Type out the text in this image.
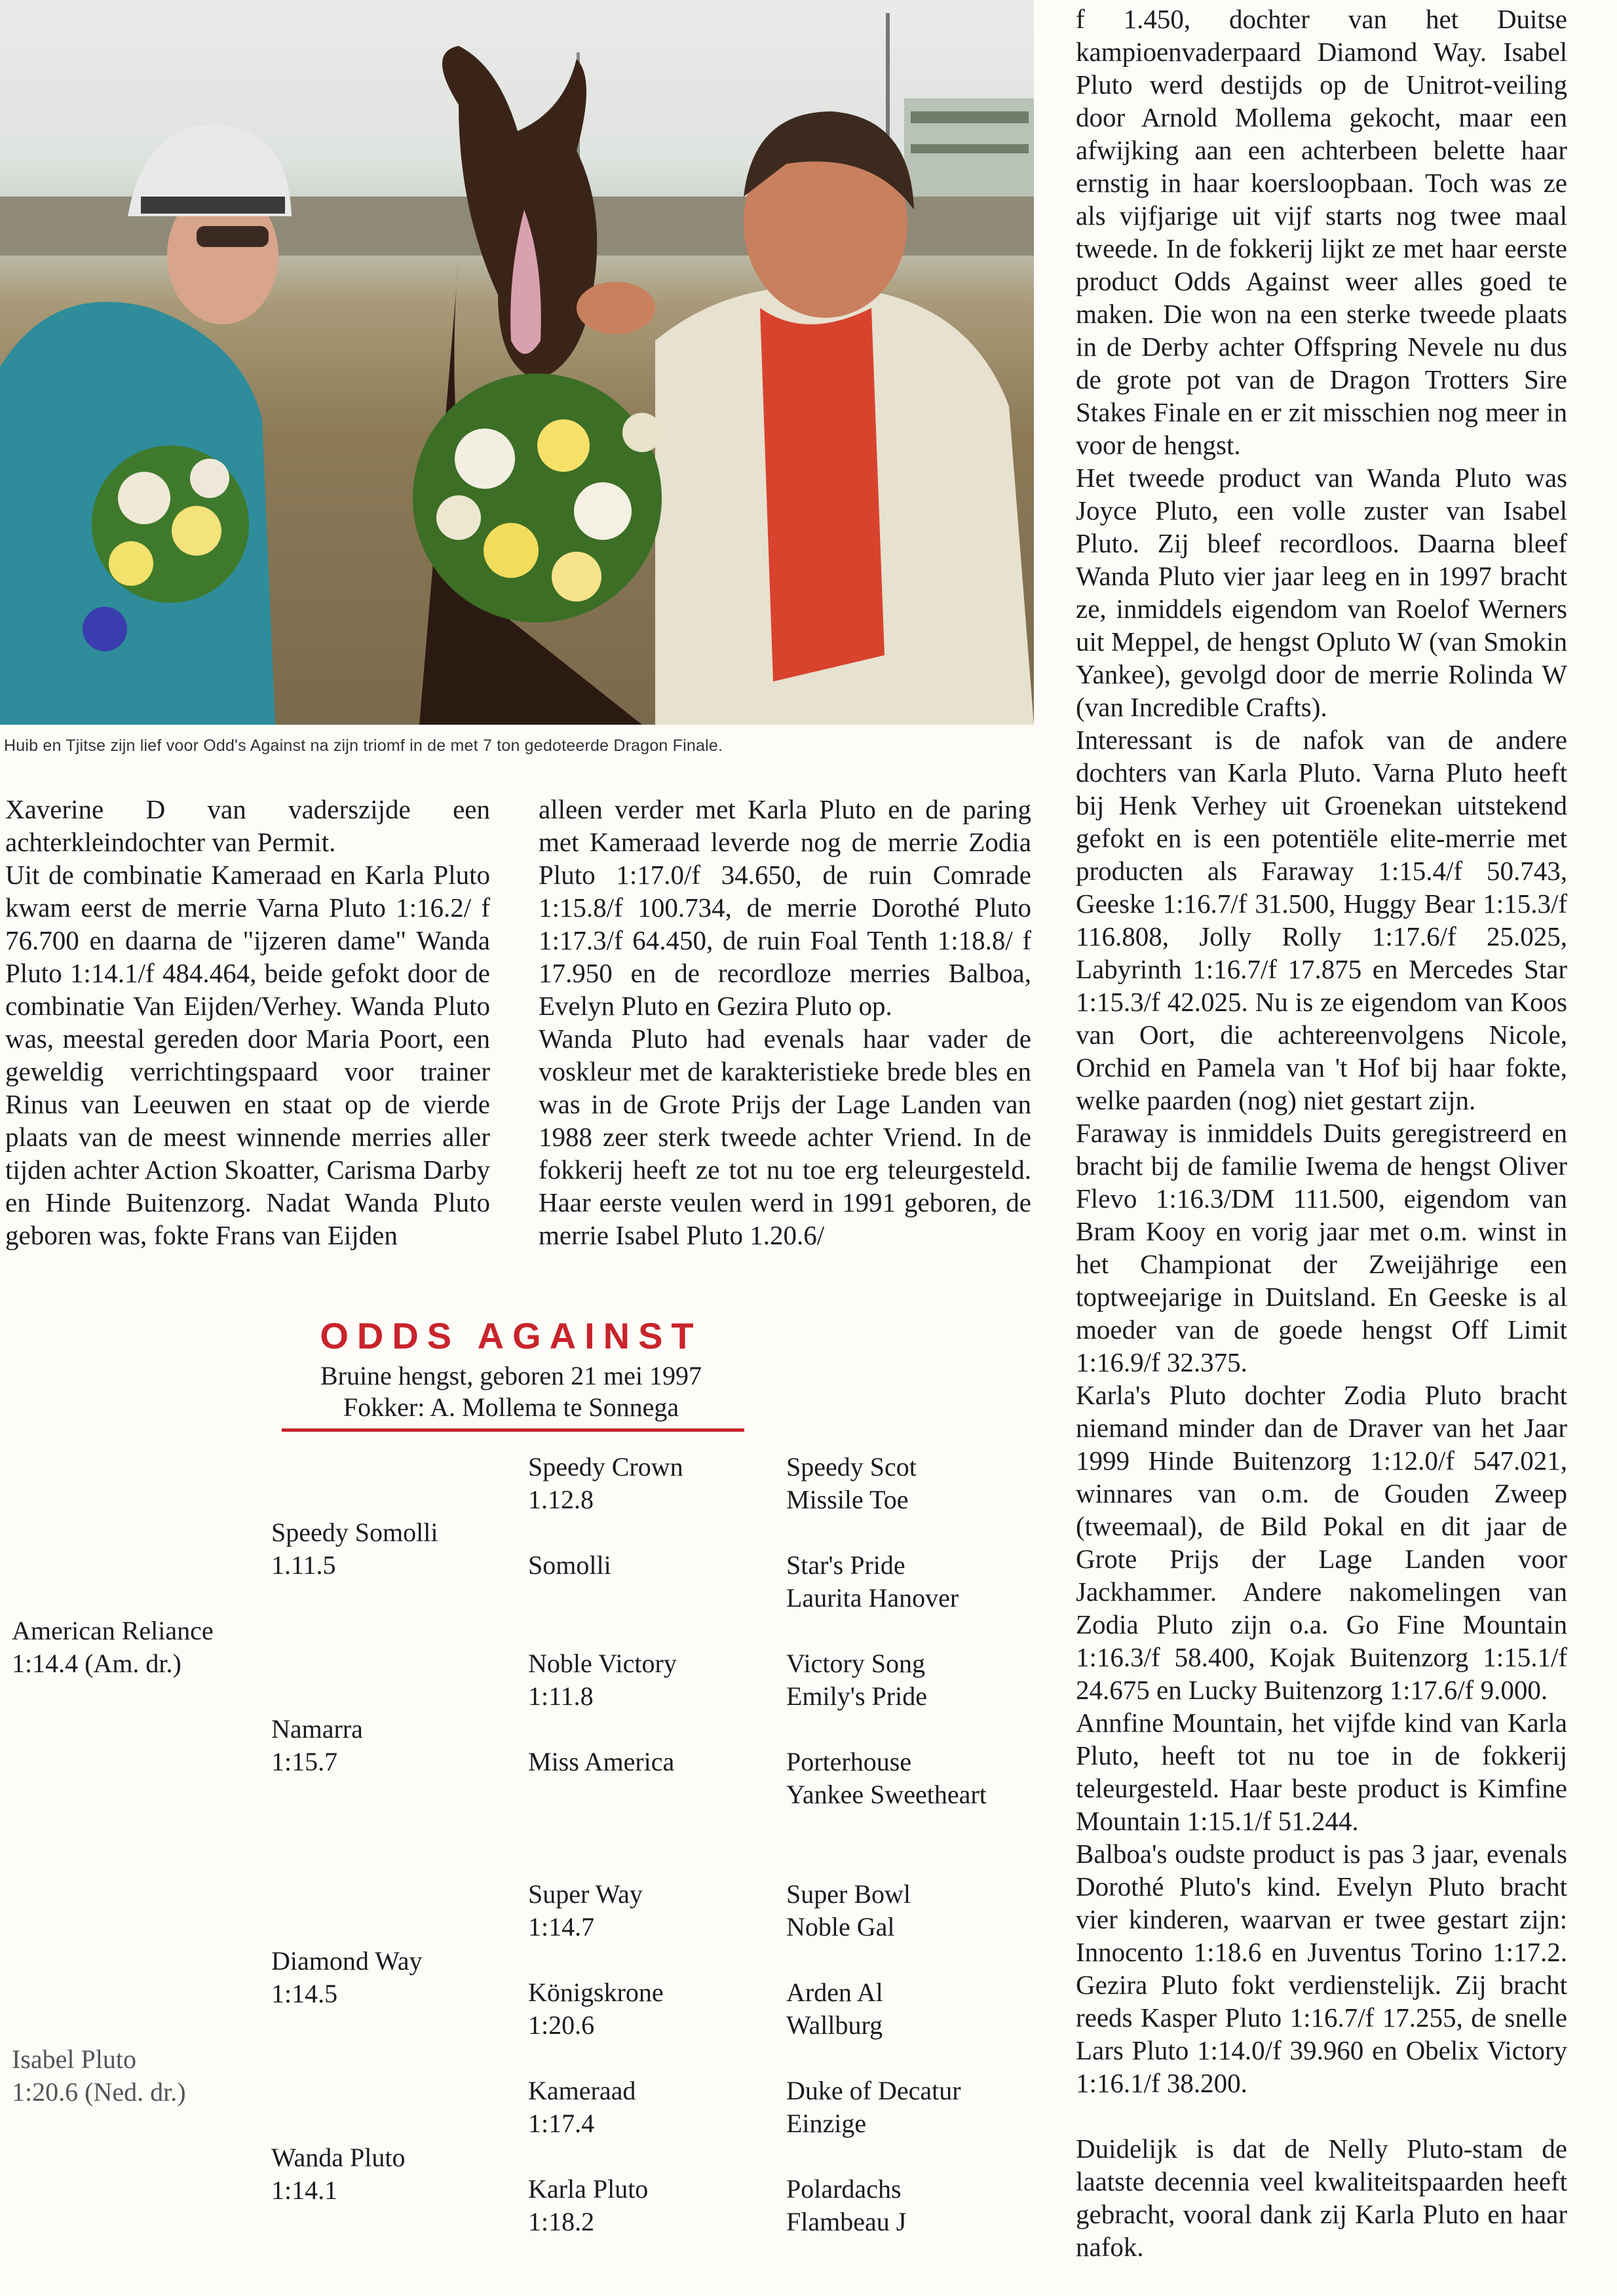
Huib en Tjitse zijn lief voor Odd's Against na zijn triomf in de met 7 ton gedoteerde Dragon Finale.

Xaverine D van vaderszijde een achterkleindochter van Permit.

Uit de combinatie Kameraad en Karla Pluto kwam eerst de merrie Varna Pluto 1:16.2/ f 76.700 en daarna de "ijzeren dame" Wanda Pluto 1:14.1/f 484.464, beide gefokt door de combinatie Van Eijden/Verhey. Wanda Pluto was, meestal gereden door Maria Poort, een geweldig verrichtingspaard voor trainer Rinus van Leeuwen en staat op de vierde plaats van de meest winnende merries aller tijden achter Action Skoatter, Carisma Darby en Hinde Buitenzorg. Nadat Wanda Pluto geboren was, fokte Frans van Eijden

alleen verder met Karla Pluto en de paring met Kameraad leverde nog de merrie Zodia Pluto 1:17.0/f 34.650, de ruin Comrade 1:15.8/f 100.734, de merrie Dorothé Pluto 1:17.3/f 64.450, de ruin Foal Tenth 1:18.8/ f 17.950 en de recordloze merries Balboa, Evelyn Pluto en Gezira Pluto op.

Wanda Pluto had evenals haar vader de voskleur met de karakteristieke brede bles en was in de Grote Prijs der Lage Landen van 1988 zeer sterk tweede achter Vriend. In de fokkerij heeft ze tot nu toe erg teleurgesteld. Haar eerste veulen werd in 1991 geboren, de merrie Isabel Pluto 1.20.6/

f 1.450, dochter van het Duitse kampioenvaderpaard Diamond Way. Isabel Pluto werd destijds op de Unitrot-veiling door Arnold Mollema gekocht, maar een afwijking aan een achterbeen belette haar ernstig in haar koersloopbaan. Toch was ze als vijfjarige uit vijf starts nog twee maal tweede. In de fokkerij lijkt ze met haar eerste product Odds Against weer alles goed te maken. Die won na een sterke tweede plaats in de Derby achter Offspring Nevele nu dus de grote pot van de Dragon Trotters Sire Stakes Finale en er zit misschien nog meer in voor de hengst.

Het tweede product van Wanda Pluto was Joyce Pluto, een volle zuster van Isabel Pluto. Zij bleef recordloos. Daarna bleef Wanda Pluto vier jaar leeg en in 1997 bracht ze, inmiddels eigendom van Roelof Werners uit Meppel, de hengst Opluto W (van Smokin Yankee), gevolgd door de merrie Rolinda W (van Incredible Crafts).

Interessant is de nafok van de andere dochters van Karla Pluto. Varna Pluto heeft bij Henk Verhey uit Groenekan uitstekend gefokt en is een potentiële elite-merrie met producten als Faraway 1:15.4/f 50.743, Geeske 1:16.7/f 31.500, Huggy Bear 1:15.3/f 116.808, Jolly Rolly 1:17.6/f 25.025, Labyrinth 1:16.7/f 17.875 en Mercedes Star 1:15.3/f 42.025. Nu is ze eigendom van Koos van Oort, die achtereenvolgens Nicole, Orchid en Pamela van 't Hof bij haar fokte, welke paarden (nog) niet gestart zijn.

Faraway is inmiddels Duits geregistreerd en bracht bij de familie Iwema de hengst Oliver Flevo 1:16.3/DM 111.500, eigendom van Bram Kooy en vorig jaar met o.m. winst in het Championat der Zweijährige een toptweejarige in Duitsland. En Geeske is al moeder van de goede hengst Off Limit 1:16.9/f 32.375.

Karla's Pluto dochter Zodia Pluto bracht niemand minder dan de Draver van het Jaar 1999 Hinde Buitenzorg 1:12.0/f 547.021, winnares van o.m. de Gouden Zweep (tweemaal), de Bild Pokal en dit jaar de Grote Prijs der Lage Landen voor Jackhammer. Andere nakomelingen van Zodia Pluto zijn o.a. Go Fine Mountain 1:16.3/f 58.400, Kojak Buitenzorg 1:15.1/f 24.675 en Lucky Buitenzorg 1:17.6/f 9.000.

Annfine Mountain, het vijfde kind van Karla Pluto, heeft tot nu toe in de fokkerij teleurgesteld. Haar beste product is Kimfine Mountain 1:15.1/f 51.244.

Balboa's oudste product is pas 3 jaar, evenals Dorothé Pluto's kind. Evelyn Pluto bracht vier kinderen, waarvan er twee gestart zijn: Innocento 1:18.6 en Juventus Torino 1:17.2. Gezira Pluto fokt verdienstelijk. Zij bracht reeds Kasper Pluto 1:16.7/f 17.255, de snelle Lars Pluto 1:14.0/f 39.960 en Obelix Victory 1:16.1/f 38.200.

Duidelijk is dat de Nelly Pluto-stam de laatste decennia veel kwaliteitspaarden heeft gebracht, vooral dank zij Karla Pluto en haar nafok.

ODDS AGAINST
Bruine hengst, geboren 21 mei 1997
Fokker: A. Mollema te Sonnega
American Reliance
1:14.4 (Am. dr.)
Isabel Pluto
1:20.6 (Ned. dr.)
Speedy Somolli
1.11.5
Namarra
1:15.7
Diamond Way
1:14.5
Wanda Pluto
1:14.1
Speedy Crown
1.12.8
Somolli
Noble Victory
1:11.8
Miss America
Super Way
1:14.7
Königskrone
1:20.6
Kameraad
1:17.4
Karla Pluto
1:18.2
Speedy Scot
Missile Toe
Star's Pride
Laurita Hanover
Victory Song
Emily's Pride
Porterhouse
Yankee Sweetheart
Super Bowl
Noble Gal
Arden Al
Wallburg
Duke of Decatur
Einzige
Polardachs
Flambeau J
